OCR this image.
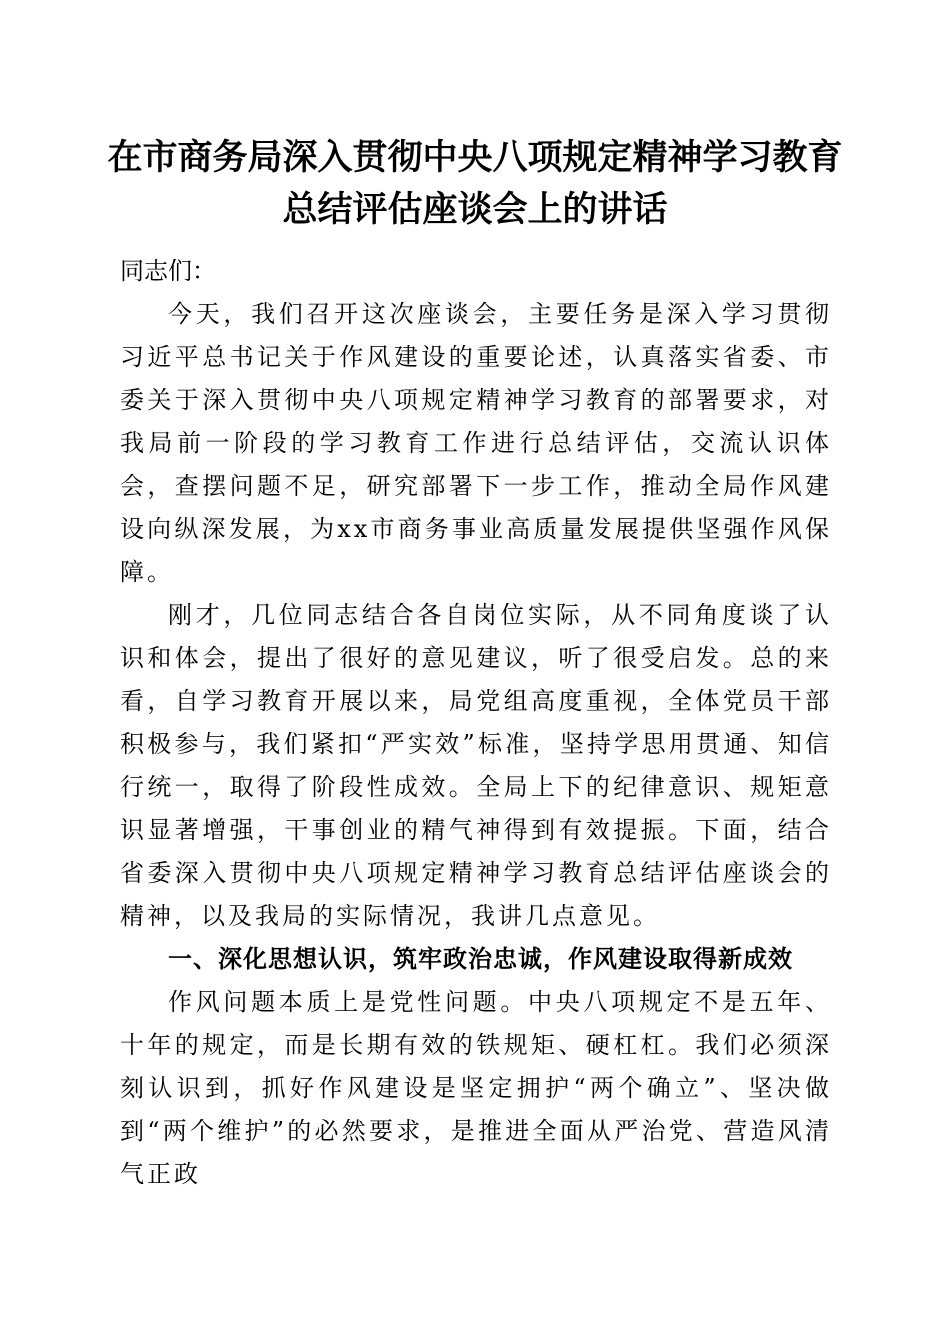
在市商务局深入贯彻中央八项规定精神学习教育总结评估座谈会上的讲话

同志们：

今天，我们召开这次座谈会，主要任务是深入学习贯彻习近平总书记关于作风建设的重要论述，认真落实省委、市委关于深入贯彻中央八项规定精神学习教育的部署要求，对我局前一阶段的学习教育工作进行总结评估，交流认识体会，查摆问题不足，研究部署下一步工作，推动全局作风建设向纵深发展，为xx市商务事业高质量发展提供坚强作风保障。

刚才，几位同志结合各自岗位实际，从不同角度谈了认识和体会，提出了很好的意见建议，听了很受启发。总的来看，自学习教育开展以来，局党组高度重视，全体党员干部积极参与，我们紧扣“严实效”标准，坚持学思用贯通、知信行统一，取得了阶段性成效。全局上下的纪律意识、规矩意识显著增强，干事创业的精气神得到有效提振。下面，结合省委深入贯彻中央八项规定精神学习教育总结评估座谈会的精神，以及我局的实际情况，我讲几点意见。

一、深化思想认识，筑牢政治忠诚，作风建设取得新成效

作风问题本质上是党性问题。中央八项规定不是五年、十年的规定，而是长期有效的铁规矩、硬杠杠。我们必须深刻认识到，抓好作风建设是坚定拥护“两个确立”、坚决做到“两个维护”的必然要求，是推进全面从严治党、营造风清气正政
